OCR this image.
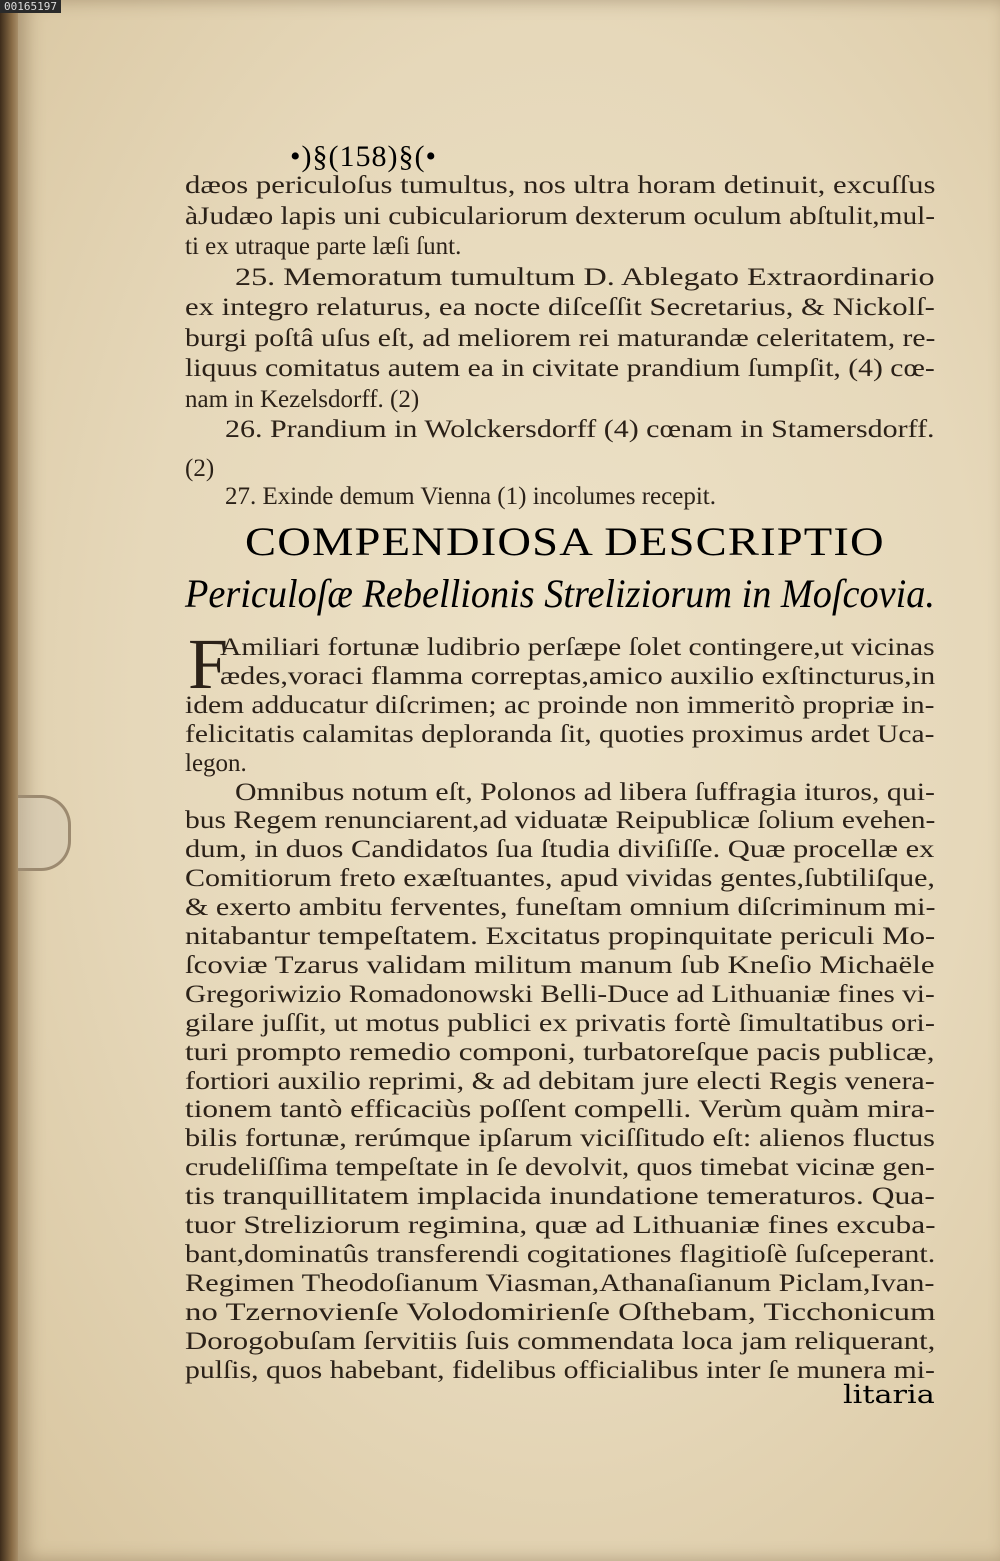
00165197
•)§(158)§(•
dæos periculoſus tumultus, nos ultra horam detinuit, excuſſus
àJudæo lapis uni cubiculariorum dexterum oculum abſtulit,mul-
ti ex utraque parte læſi ſunt.
25. Memoratum tumultum D. Ablegato Extraordinario
ex integro relaturus, ea nocte diſceſſit Secretarius, & Nickolſ-
burgi poſtâ uſus eſt, ad meliorem rei maturandæ celeritatem, re-
liquus comitatus autem ea in civitate prandium ſumpſit, (4) cœ-
nam in Kezelsdorff. (2)
26. Prandium in Wolckersdorff (4) cœnam in Stamersdorff.
(2)
27. Exinde demum Vienna (1) incolumes recepit.
COMPENDIOSA DESCRIPTIO
Periculoſæ Rebellionis Streliziorum in Moſcovia.
F
Amiliari fortunæ ludibrio perſæpe ſolet contingere,ut vicinas
ædes,voraci flamma correptas,amico auxilio exſtincturus,in
idem adducatur diſcrimen; ac proinde non immeritò propriæ in-
felicitatis calamitas deploranda ſit, quoties proximus ardet Uca-
legon.
Omnibus notum eſt, Polonos ad libera ſuffragia ituros, qui-
bus Regem renunciarent,ad viduatæ Reipublicæ ſolium evehen-
dum, in duos Candidatos ſua ſtudia diviſiſſe. Quæ procellæ ex
Comitiorum freto exæſtuantes, apud vividas gentes,ſubtiliſque,
& exerto ambitu ferventes, funeſtam omnium diſcriminum mi-
nitabantur tempeſtatem. Excitatus propinquitate periculi Mo-
ſcoviæ Tzarus validam militum manum ſub Kneſio Michaële
Gregoriwizio Romadonowski Belli-Duce ad Lithuaniæ fines vi-
gilare juſſit, ut motus publici ex privatis fortè ſimultatibus ori-
turi prompto remedio componi, turbatoreſque pacis publicæ,
fortiori auxilio reprimi, & ad debitam jure electi Regis venera-
tionem tantò efficaciùs poſſent compelli. Verùm quàm mira-
bilis fortunæ, rerúmque ipſarum viciſſitudo eſt: alienos fluctus
crudeliſſima tempeſtate in ſe devolvit, quos timebat vicinæ gen-
tis tranquillitatem implacida inundatione temeraturos. Qua-
tuor Streliziorum regimina, quæ ad Lithuaniæ fines excuba-
bant,dominatûs transferendi cogitationes flagitioſè ſuſceperant.
Regimen Theodoſianum Viasman,Athanaſianum Piclam,Ivan-
no Tzernovienſe Volodomirienſe Oſthebam, Ticchonicum
Dorogobuſam ſervitiis ſuis commendata loca jam reliquerant,
pulſis, quos habebant, fidelibus officialibus inter ſe munera mi-
litaria
